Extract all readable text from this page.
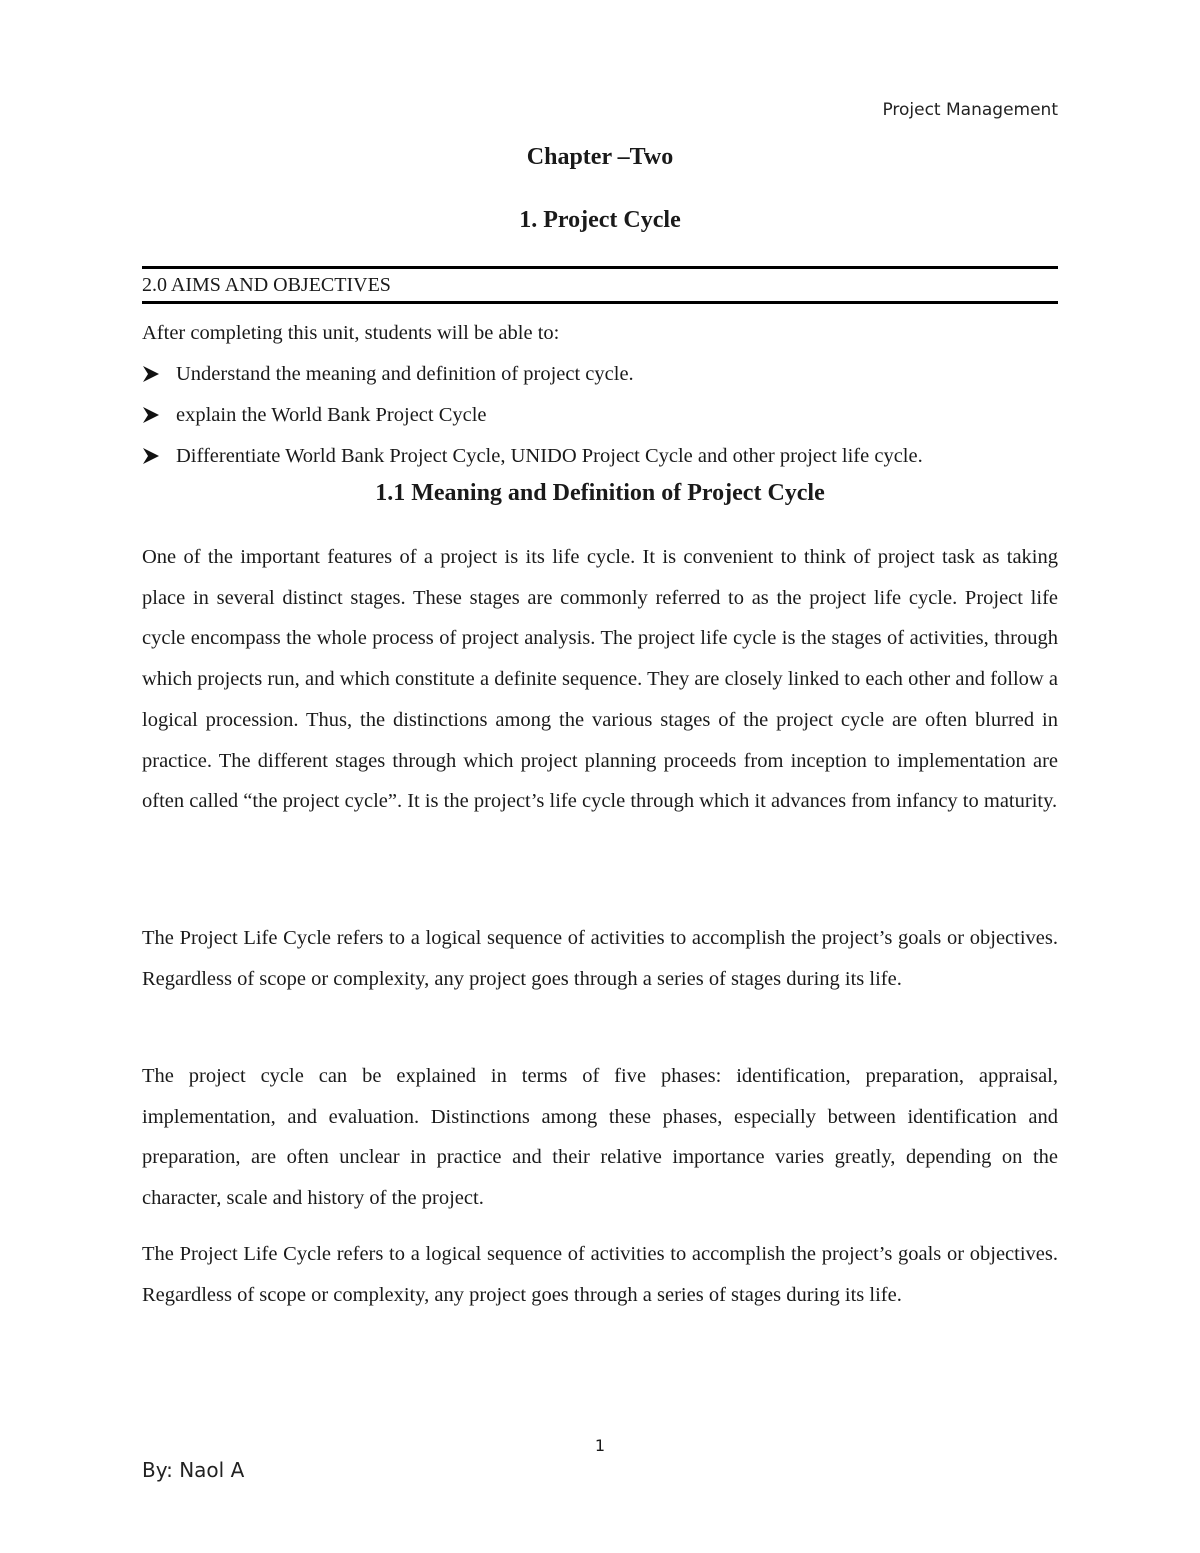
Project Management
Chapter –Two
1. Project Cycle
2.0 AIMS AND OBJECTIVES
After completing this unit, students will be able to:
Understand the meaning and definition of project cycle.
explain the World Bank Project Cycle
Differentiate World Bank Project Cycle, UNIDO Project Cycle and other project life cycle.
1.1 Meaning and Definition of Project Cycle

One of the important features of a project is its life cycle. It is convenient to think of project task as taking place in several distinct stages. These stages are commonly referred to as the project life cycle. Project life cycle encompass the whole process of project analysis. The project life cycle is the stages of activities, through which projects run, and which constitute a definite sequence. They are closely linked to each other and follow a logical procession. Thus, the distinctions among the various stages of the project cycle are often blurred in practice. The different stages through which project planning proceeds from inception to implementation are often called “the project cycle”. It is the project’s life cycle through which it advances from infancy to maturity.

The Project Life Cycle refers to a logical sequence of activities to accomplish the project’s goals or objectives. Regardless of scope or complexity, any project goes through a series of stages during its life.

The project cycle can be explained in terms of five phases: identification, preparation, appraisal, implementation, and evaluation. Distinctions among these phases, especially between identification and preparation, are often unclear in practice and their relative importance varies greatly, depending on the character, scale and history of the project.

The Project Life Cycle refers to a logical sequence of activities to accomplish the project’s goals or objectives. Regardless of scope or complexity, any project goes through a series of stages during its life.

1
By: Naol A
